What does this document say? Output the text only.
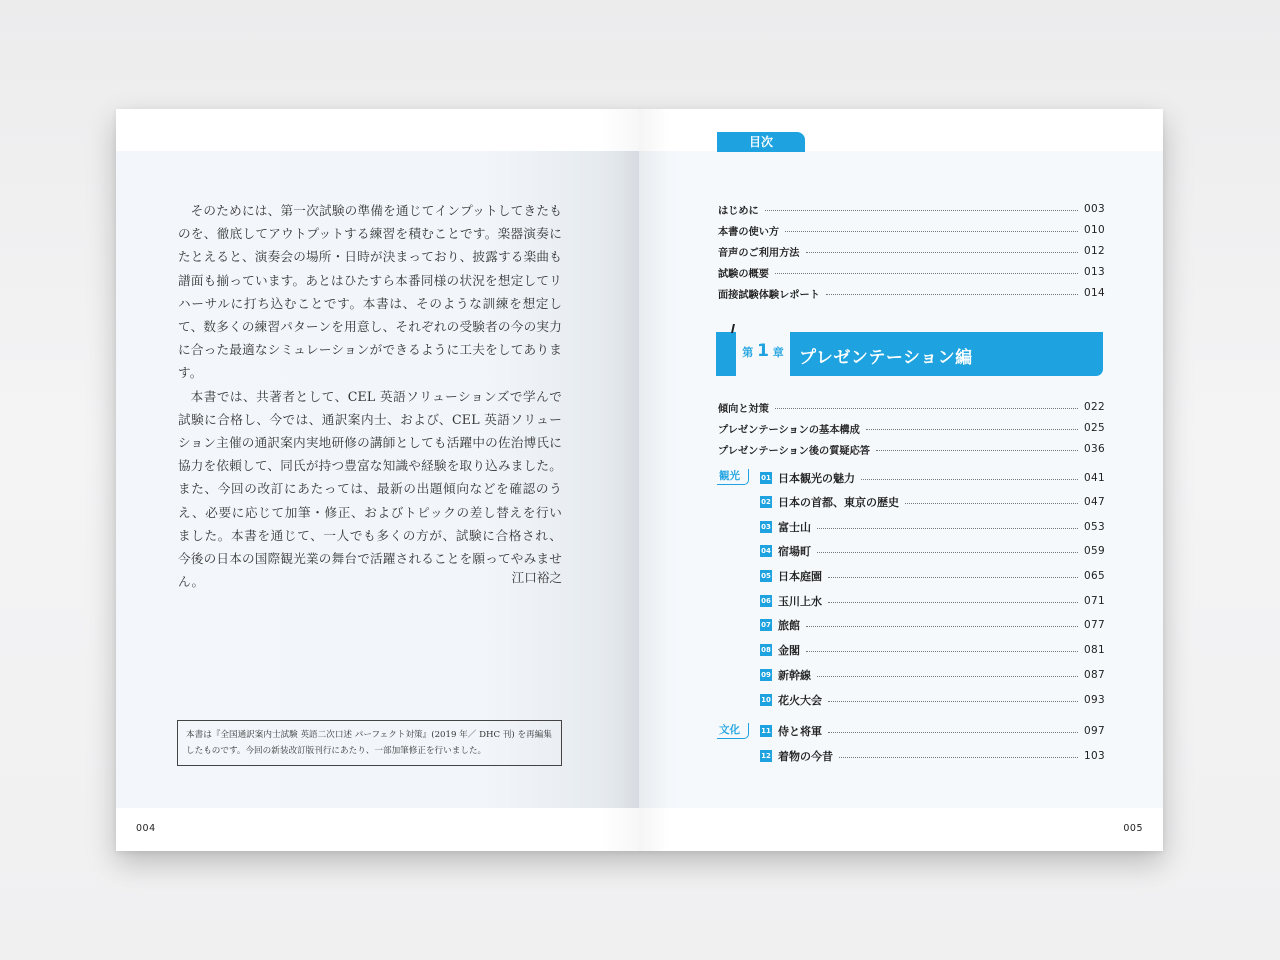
そのためには、第一次試験の準備を通じてインプットしてきたものを、徹底してアウトプットする練習を積むことです。楽器演奏にたとえると、演奏会の場所・日時が決まっており、披露する楽曲も譜面も揃っています。あとはひたすら本番同様の状況を想定してリハーサルに打ち込むことです。本書は、そのような訓練を想定して、数多くの練習パターンを用意し、それぞれの受験者の今の実力に合った最適なシミュレーションができるように工夫をしてあります。

本書では、共著者として、CEL 英語ソリューションズで学んで試験に合格し、今では、通訳案内士、および、CEL 英語ソリューション主催の通訳案内実地研修の講師としても活躍中の佐治博氏に協力を依頼して、同氏が持つ豊富な知識や経験を取り込みました。また、今回の改訂にあたっては、最新の出題傾向などを確認のうえ、必要に応じて加筆・修正、およびトピックの差し替えを行いました。本書を通じて、一人でも多くの方が、試験に合格され、今後の日本の国際観光業の舞台で活躍されることを願ってやみません。	江口裕之
本書は『全国通訳案内士試験 英語二次口述 パーフェクト対策』(2019 年／ DHC 刊) を再編集したものです。今回の新装改訂版刊行にあたり、一部加筆修正を行いました。
004
目次
はじめに	003
本書の使い方	010
音声のご利用方法	012
試験の概要	013
面接試験体験レポート	014
第 1 章 プレゼンテーション編
傾向と対策	022
プレゼンテーションの基本構成	025
プレゼンテーション後の質疑応答	036
観光
文化
01 日本観光の魅力	041
02 日本の首都、東京の歴史	047
03 富士山	053
04 宿場町	059
05 日本庭園	065
06 玉川上水	071
07 旅館	077
08 金閣	081
09 新幹線	087
10 花火大会	093
11 侍と将軍	097
12 着物の今昔	103
005
